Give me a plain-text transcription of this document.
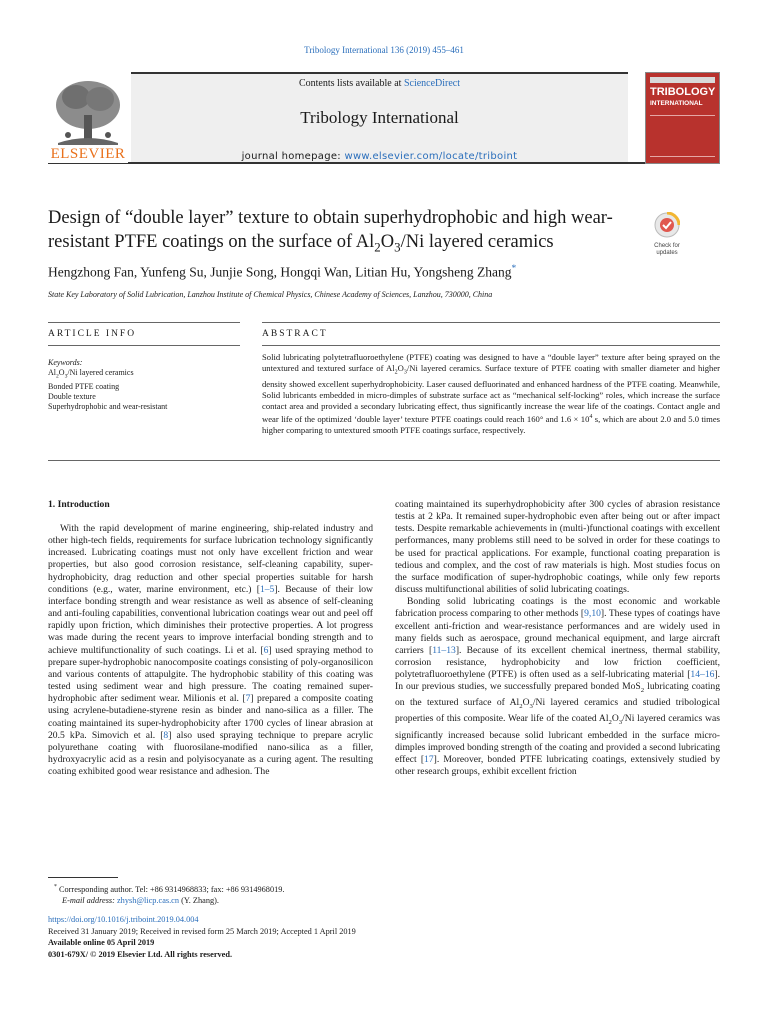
Tribology International 136 (2019) 455–461
ELSEVIER
Contents lists available at ScienceDirect
Tribology International
journal homepage: www.elsevier.com/locate/triboint
TRIBOLOGY
INTERNATIONAL
Design of “double layer” texture to obtain superhydrophobic and high wear-resistant PTFE coatings on the surface of $Al_2O_3/Ni$ layered ceramics	Check for
updates
Hengzhong Fan, Yunfeng Su, Junjie Song, Hongqi Wan, Litian Hu, Yongsheng Zhang*
State Key Laboratory of Solid Lubrication, Lanzhou Institute of Chemical Physics, Chinese Academy of Sciences, Lanzhou, 730000, China
ARTICLE INFO	ABSTRACT
Keywords:
$Al_2O_3/Ni$ layered ceramics
Bonded PTFE coating
Double texture
Superhydrophobic and wear-resistant
Solid lubricating polytetrafluoroethylene (PTFE) coating was designed to have a “double layer” texture after being sprayed on the untextured and textured surface of $Al_2O_3/Ni$ layered ceramics. Surface texture of PTFE coating with smaller diameter and higher density showed excellent superhydrophobicity. Laser caused defluorinated and enhanced hardness of the PTFE coating. Meanwhile, Solid lubricants embedded in micro-dimples of substrate surface act as “mechanical self-locking” roles, which increase the surface contact area and provided a secondary lubricating effect, thus significantly increase the wear life of the coatings. Contact angle and wear life of the optimized ‘double layer’ texture PTFE coatings could reach 160° and $1.6 \times 10^4$ s, which are about 2.0 and 5.0 times higher comparing to untextured smooth PTFE coatings surface, respectively.
1. Introduction

With the rapid development of marine engineering, ship-related industry and other high-tech fields, requirements for surface lubrication technology significantly increased. Lubricating coatings must not only have excellent friction and wear properties, but also good corrosion resistance, self-cleaning capability, super-hydrophobicity, drag reduction and other special properties suitable for harsh conditions (e.g., water, marine environment, etc.) [1–5]. Because of their low interface bonding strength and wear resistance as well as absence of self-cleaning and anti-fouling capabilities, conventional lubrication coatings wear out and peel off rapidly upon friction, which diminishes their protective properties. A lot progress was made during the recent years to improve interfacial bonding strength and to achieve multifunctionality of such coatings. Li et al. [6] used spraying method to prepare super-hydrophobic nanocomposite coatings consisting of poly-organosilicon and various contents of attapulgite. The hydrophobic stability of this coating was tested using sediment wear and high pressure. The coating remained super-hydrophobic after sediment wear. Milionis et al. [7] prepared a composite coating using acrylene-butadiene-styrene resin as binder and nano-silica as a filler. The coating maintained its super-hydrophobicity after 1700 cycles of linear abrasion at 20.5 kPa. Simovich et al. [8] also used spraying technique to prepare acrylic polyurethane coating with fluorosilane-modified nano-silica as a filler, hydroxyacrylic acid as a resin and polyisocyanate as a curing agent. The resulting coating exhibited good wear resistance and adhesion. The

coating maintained its superhydrophobicity after 300 cycles of abrasion resistance testis at 2 kPa. It remained super-hydrophobic even after being out or after impact tests. Despite remarkable achievements in (multi-)functional coatings with excellent performances, many problems still need to be solved in order for these coatings to be used for practical applications. For example, functional coating preparation is tedious and complex, and the cost of raw materials is high. Most studies focus on the surface modification of super-hydrophobic coatings, while only few reports discuss multifunctional abilities of solid lubricating coatings.

Bonding solid lubricating coatings is the most economic and workable fabrication process comparing to other methods [9,10]. These types of coatings have excellent anti-friction and wear-resistance performances and are widely used in many fields such as aerospace, ground mechanical equipment, and large aircraft carriers [11–13]. Because of its excellent chemical inertness, thermal stability, corrosion resistance, hydrophobicity and low friction coefficient, polytetrafluoroethylene (PTFE) is often used as a self-lubricating material [14–16]. In our previous studies, we successfully prepared bonded MoS$_2$ lubricating coating on the textured surface of $Al_2O_3/Ni$ layered ceramics and studied tribological properties of this composite. Wear life of the coated $Al_2O_3/Ni$ layered ceramics was significantly increased because solid lubricant embedded in the surface micro-dimples improved bonding strength of the coating and provided a second lubricating effect [17]. Moreover, bonded PTFE lubricating coatings, extensively studied by other research groups, exhibit excellent friction

* Corresponding author. Tel: +86 9314968833; fax: +86 9314968019.
E-mail address: zhysh@licp.cas.cn (Y. Zhang).
https://doi.org/10.1016/j.triboint.2019.04.004
Received 31 January 2019; Received in revised form 25 March 2019; Accepted 1 April 2019
Available online 05 April 2019
0301-679X/ © 2019 Elsevier Ltd. All rights reserved.
